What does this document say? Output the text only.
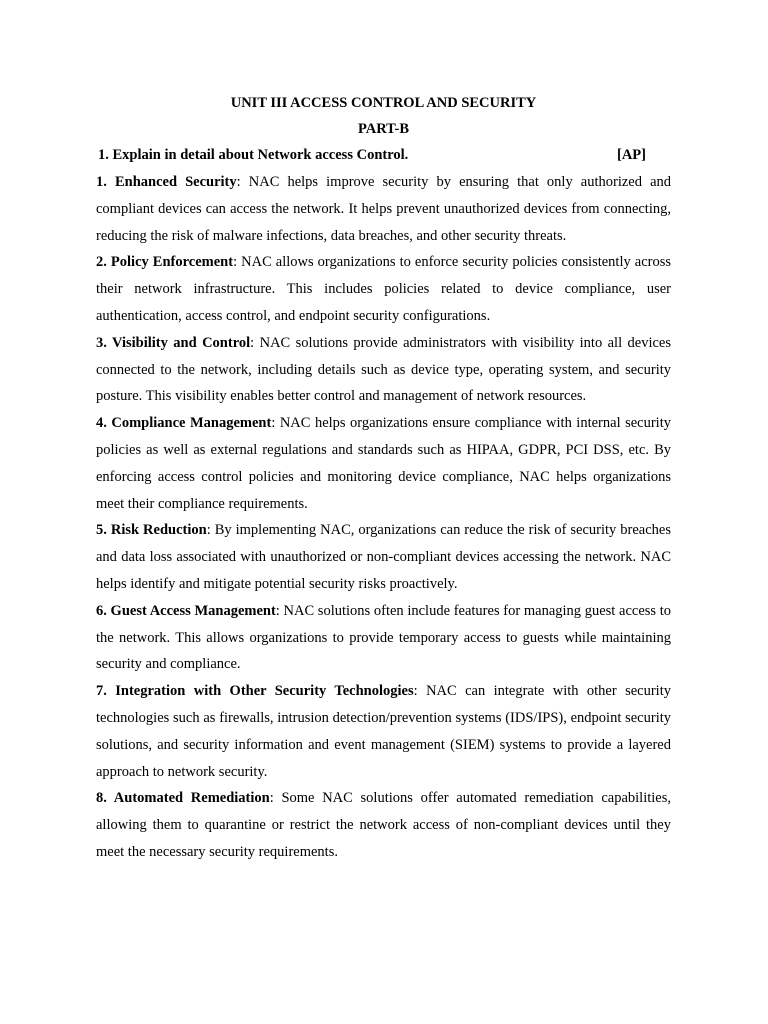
UNIT III ACCESS CONTROL AND SECURITY
PART-B
1. Explain in detail about Network access Control.	[AP]
1. Enhanced Security: NAC helps improve security by ensuring that only authorized and compliant devices can access the network. It helps prevent unauthorized devices from connecting, reducing the risk of malware infections, data breaches, and other security threats.
2. Policy Enforcement: NAC allows organizations to enforce security policies consistently across their network infrastructure. This includes policies related to device compliance, user authentication, access control, and endpoint security configurations.
3. Visibility and Control: NAC solutions provide administrators with visibility into all devices connected to the network, including details such as device type, operating system, and security posture. This visibility enables better control and management of network resources.
4. Compliance Management: NAC helps organizations ensure compliance with internal security policies as well as external regulations and standards such as HIPAA, GDPR, PCI DSS, etc. By enforcing access control policies and monitoring device compliance, NAC helps organizations meet their compliance requirements.
5. Risk Reduction: By implementing NAC, organizations can reduce the risk of security breaches and data loss associated with unauthorized or non-compliant devices accessing the network. NAC helps identify and mitigate potential security risks proactively.
6. Guest Access Management: NAC solutions often include features for managing guest access to the network. This allows organizations to provide temporary access to guests while maintaining security and compliance.
7. Integration with Other Security Technologies: NAC can integrate with other security technologies such as firewalls, intrusion detection/prevention systems (IDS/IPS), endpoint security solutions, and security information and event management (SIEM) systems to provide a layered approach to network security.
8. Automated Remediation: Some NAC solutions offer automated remediation capabilities, allowing them to quarantine or restrict the network access of non-compliant devices until they meet the necessary security requirements.
